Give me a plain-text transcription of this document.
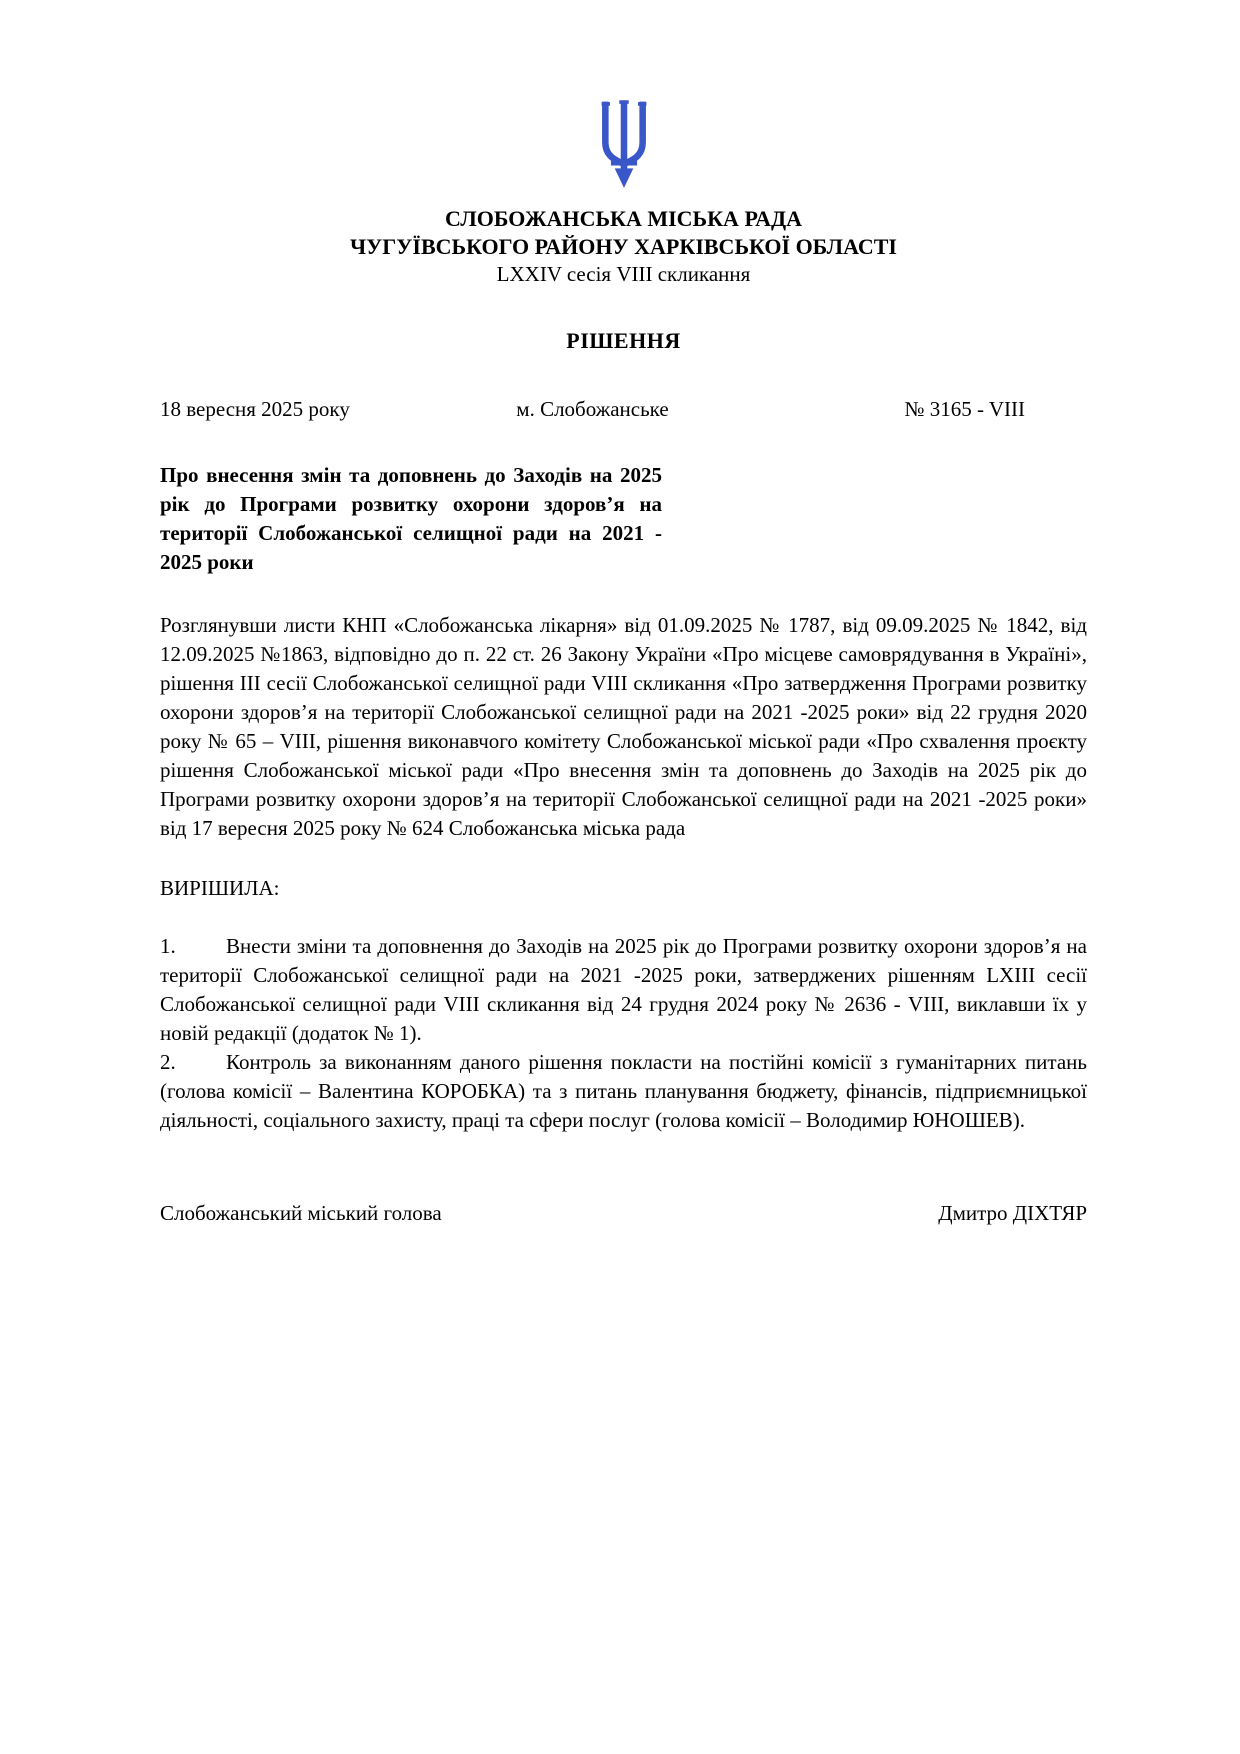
СЛОБОЖАНСЬКА МІСЬКА РАДА
ЧУГУЇВСЬКОГО РАЙОНУ ХАРКІВСЬКОЇ ОБЛАСТІ
LXXIV сесія VIII скликання
РІШЕННЯ
18 вересня 2025 року	м. Слобожанське	№ 3165 - VIII
Про внесення змін та доповнень до Заходів на 2025 рік до Програми розвитку охорони здоров’я на території Слобожанської селищної ради на 2021 - 2025 роки
Розглянувши листи КНП «Слобожанська лікарня» від 01.09.2025 № 1787, від 09.09.2025 № 1842, від 12.09.2025 №1863, відповідно до п. 22 ст. 26 Закону України «Про місцеве самоврядування в Україні», рішення ІІІ сесії Слобожанської селищної ради VIII скликання «Про затвердження Програми розвитку охорони здоров’я на території Слобожанської селищної ради на 2021 -2025 роки» від 22 грудня 2020 року № 65 – VIII, рішення виконавчого комітету Слобожанської міської ради «Про схвалення проєкту рішення Слобожанської міської ради «Про внесення змін та доповнень до Заходів на 2025 рік до Програми розвитку охорони здоров’я на території Слобожанської селищної ради на 2021 -2025 роки» від 17 вересня 2025 року № 624 Слобожанська міська рада
ВИРІШИЛА:
1. Внести зміни та доповнення до Заходів на 2025 рік до Програми розвитку охорони здоров’я на території Слобожанської селищної ради на 2021 -2025 роки, затверджених рішенням LXIII сесії Слобожанської селищної ради VIII скликання від 24 грудня 2024 року № 2636 - VIII, виклавши їх у новій редакції (додаток № 1).
2. Контроль за виконанням даного рішення покласти на постійні комісії з гуманітарних питань (голова комісії – Валентина КОРОБКА) та з питань планування бюджету, фінансів, підприємницької діяльності, соціального захисту, праці та сфери послуг (голова комісії – Володимир ЮНОШЕВ).
Слобожанський міський голова	Дмитро ДІХТЯР
